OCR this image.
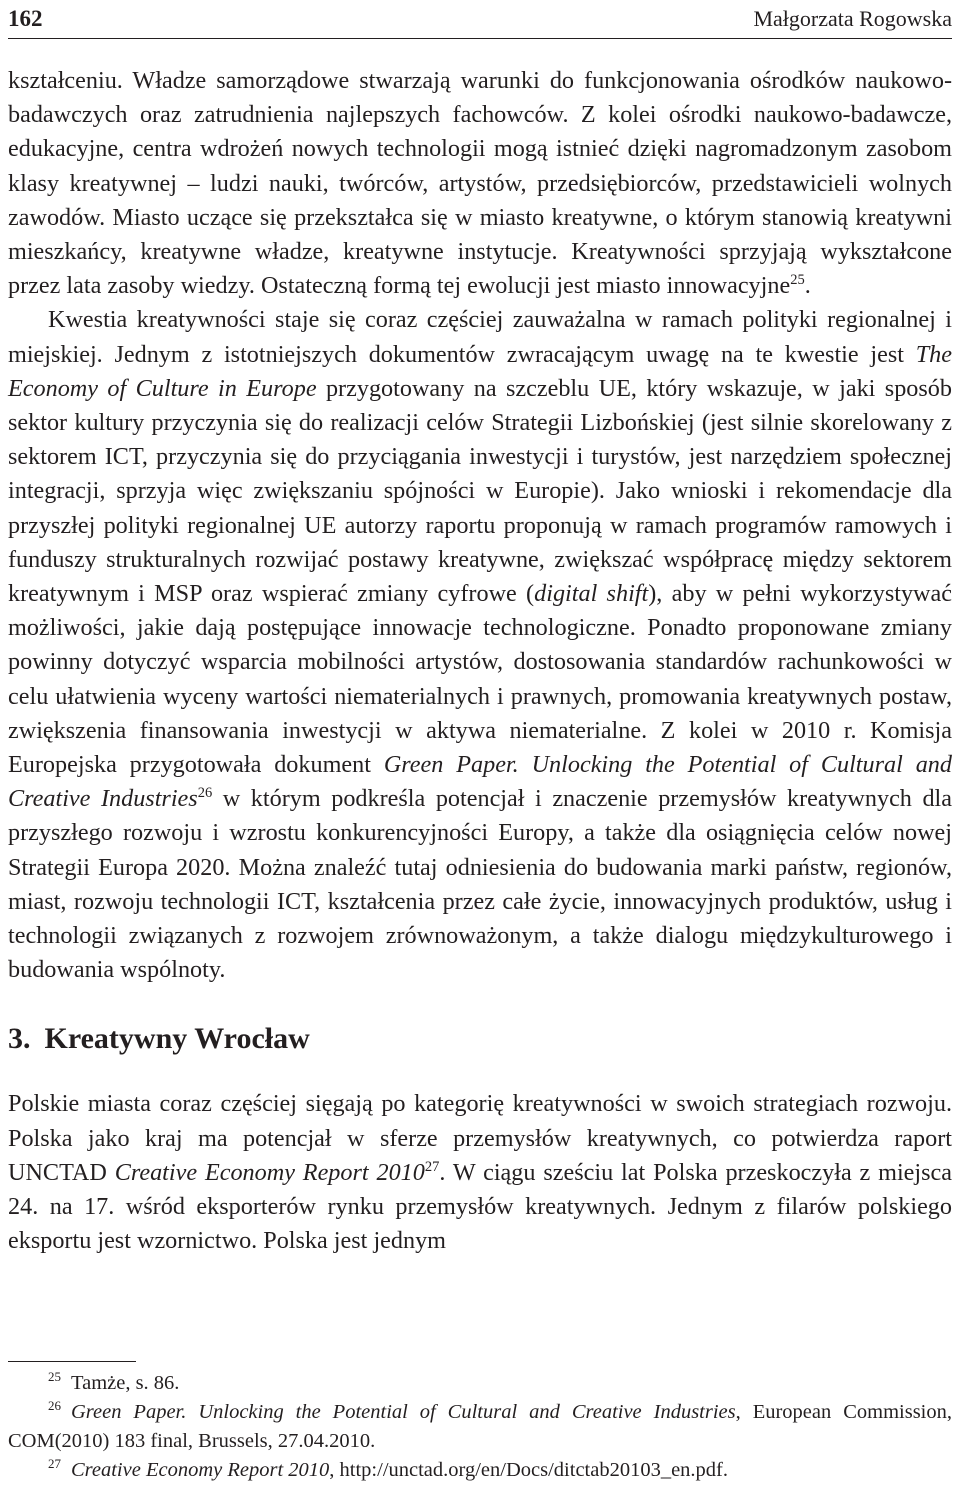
162	Małgorzata Rogowska

kształceniu. Władze samorządowe stwarzają warunki do funkcjonowania ośrodków naukowo-badawczych oraz zatrudnienia najlepszych fachowców. Z kolei ośrodki naukowo-badawcze, edukacyjne, centra wdrożeń nowych technologii mogą istnieć dzięki nagromadzonym zasobom klasy kreatywnej – ludzi nauki, twórców, artystów, przedsiębiorców, przedstawicieli wolnych zawodów. Miasto uczące się przekształca się w miasto kreatywne, o którym stanowią kreatywni mieszkańcy, kreatywne władze, kreatywne instytucje. Kreatywności sprzyjają wykształcone przez lata zasoby wiedzy. Ostateczną formą tej ewolucji jest miasto innowacyjne$^{25}$.

Kwestia kreatywności staje się coraz częściej zauważalna w ramach polityki regionalnej i miejskiej. Jednym z istotniejszych dokumentów zwracającym uwagę na te kwestie jest The Economy of Culture in Europe przygotowany na szczeblu UE, który wskazuje, w jaki sposób sektor kultury przyczynia się do realizacji celów Strategii Lizbońskiej (jest silnie skorelowany z sektorem ICT, przyczynia się do przyciągania inwestycji i turystów, jest narzędziem społecznej integracji, sprzyja więc zwiększaniu spójności w Europie). Jako wnioski i rekomendacje dla przyszłej polityki regionalnej UE autorzy raportu proponują w ramach programów ramowych i funduszy strukturalnych rozwijać postawy kreatywne, zwiększać współpracę między sektorem kreatywnym i MSP oraz wspierać zmiany cyfrowe (digital shift), aby w pełni wykorzystywać możliwości, jakie dają postępujące innowacje technologiczne. Ponadto proponowane zmiany powinny dotyczyć wsparcia mobilności artystów, dostosowania standardów rachunkowości w celu ułatwienia wyceny wartości niematerialnych i prawnych, promowania kreatywnych postaw, zwiększenia finansowania inwestycji w aktywa niematerialne. Z kolei w 2010 r. Komisja Europejska przygotowała dokument Green Paper. Unlocking the Potential of Cultural and Creative Industries$^{26}$ w którym podkreśla potencjał i znaczenie przemysłów kreatywnych dla przyszłego rozwoju i wzrostu konkurencyjności Europy, a także dla osiągnięcia celów nowej Strategii Europa 2020. Można znaleźć tutaj odniesienia do budowania marki państw, regionów, miast, rozwoju technologii ICT, kształcenia przez całe życie, innowacyjnych produktów, usług i technologii związanych z rozwojem zrównoważonym, a także dialogu międzykulturowego i budowania wspólnoty.

3. Kreatywny Wrocław

Polskie miasta coraz częściej sięgają po kategorię kreatywności w swoich strategiach rozwoju. Polska jako kraj ma potencjał w sferze przemysłów kreatywnych, co potwierdza raport UNCTAD Creative Economy Report 2010$^{27}$. W ciągu sześciu lat Polska przeskoczyła z miejsca 24. na 17. wśród eksporterów rynku przemysłów kreatywnych. Jednym z filarów polskiego eksportu jest wzornictwo. Polska jest jednym

$^{25}$ Tamże, s. 86.

$^{26}$ Green Paper. Unlocking the Potential of Cultural and Creative Industries, European Commission, COM(2010) 183 final, Brussels, 27.04.2010.

$^{27}$ Creative Economy Report 2010, http://unctad.org/en/Docs/ditctab20103_en.pdf.
